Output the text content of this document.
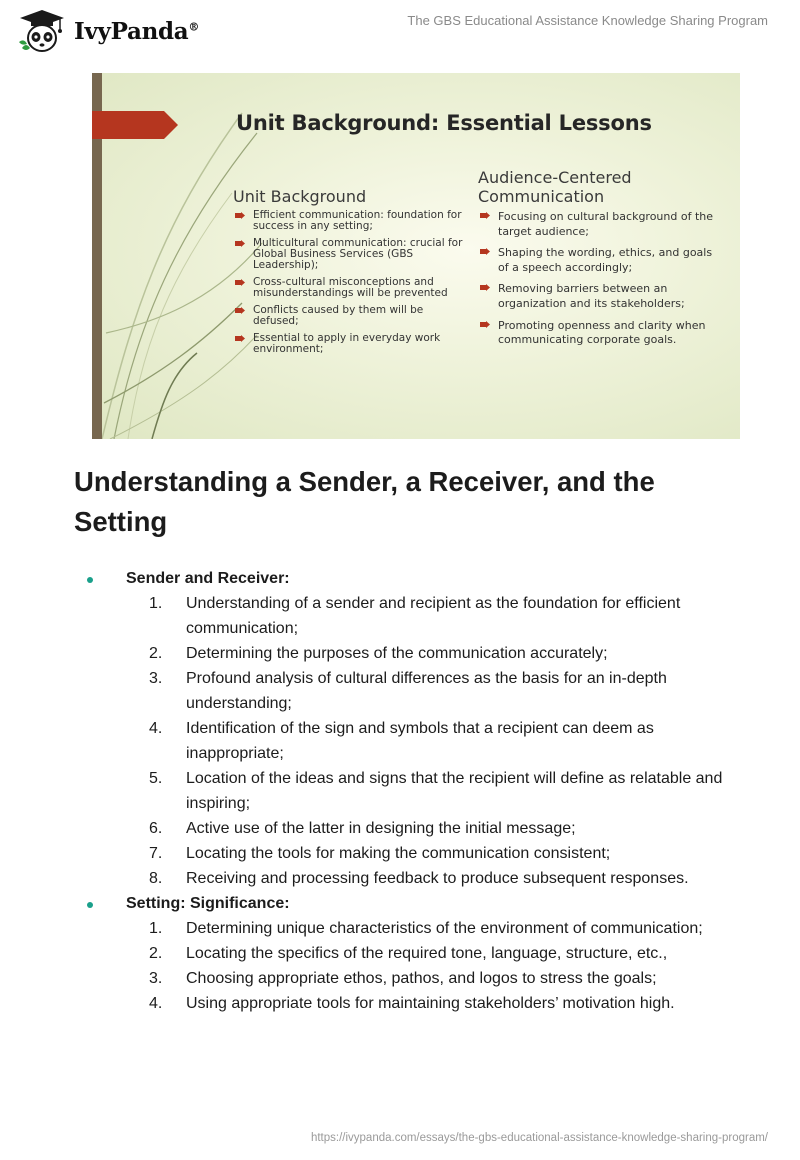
IvyPanda®	The GBS Educational Assistance Knowledge Sharing Program
Unit Background: Essential Lessons
Unit Background
Efficient communication: foundation for success in any setting;
Multicultural communication: crucial for Global Business Services (GBS Leadership);
Cross-cultural misconceptions and misunderstandings will be prevented
Conflicts caused by them will be defused;
Essential to apply in everyday work environment;
Audience-Centered Communication
Focusing on cultural background of the target audience;
Shaping the wording, ethics, and goals of a speech accordingly;
Removing barriers between an organization and its stakeholders;
Promoting openness and clarity when communicating corporate goals.
Understanding a Sender, a Receiver, and the Setting
Sender and Receiver:
1. Understanding of a sender and recipient as the foundation for efficient communication;
2. Determining the purposes of the communication accurately;
3. Profound analysis of cultural differences as the basis for an in-depth understanding;
4. Identification of the sign and symbols that a recipient can deem as inappropriate;
5. Location of the ideas and signs that the recipient will define as relatable and inspiring;
6. Active use of the latter in designing the initial message;
7. Locating the tools for making the communication consistent;
8. Receiving and processing feedback to produce subsequent responses.
Setting: Significance:
1. Determining unique characteristics of the environment of communication;
2. Locating the specifics of the required tone, language, structure, etc.,
3. Choosing appropriate ethos, pathos, and logos to stress the goals;
4. Using appropriate tools for maintaining stakeholders’ motivation high.
https://ivypanda.com/essays/the-gbs-educational-assistance-knowledge-sharing-program/
